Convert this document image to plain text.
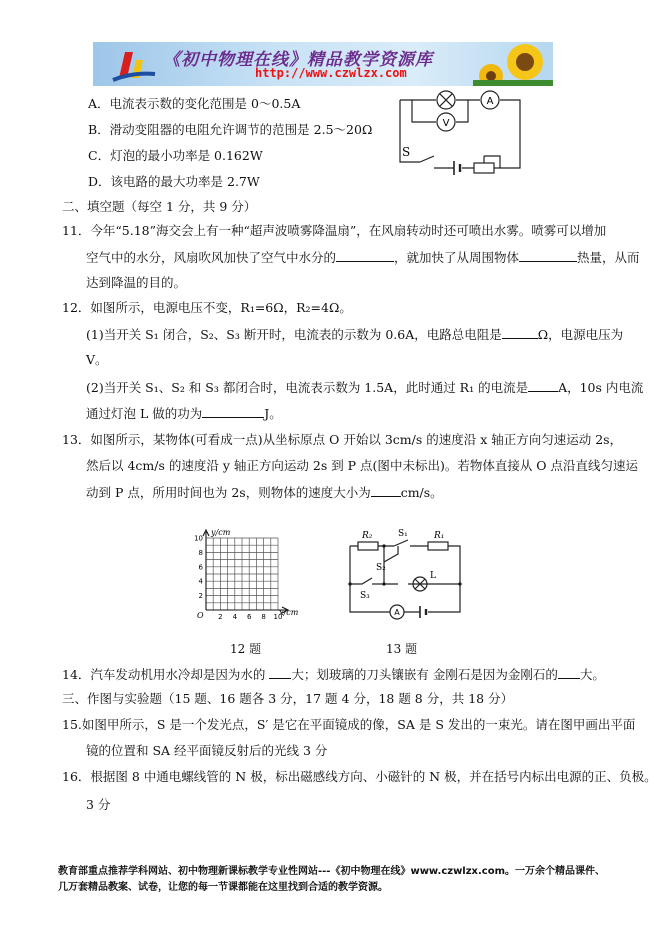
《初中物理在线》精品教学资源库
http://www.czwlzx.com
A．电流表示数的变化范围是 0～0.5A
B．滑动变阻器的电阻允许调节的范围是 2.5～20Ω
C．灯泡的最小功率是 0.162W
D．该电路的最大功率是 2.7W
A
V
S
二、填空题（每空 1 分，共 9 分）
11．今年“5.18”海交会上有一种“超声波喷雾降温扇”，在风扇转动时还可喷出水雾。喷雾可以增加
空气中的水分，风扇吹风加快了空气中水分的	，就加快了从周围物体	热量，从而
达到降温的目的。
12．如图所示，电源电压不变，R₁=6Ω，R₂=4Ω。
(1)当开关 S₁ 闭合，S₂、S₃ 断开时，电流表的示数为 0.6A，电路总电阻是	Ω，电源电压为
V。
(2)当开关 S₁、S₂ 和 S₃ 都闭合时，电流表示数为 1.5A，此时通过 R₁ 的电流是 A，10s 内电流
通过灯泡 L 做的功为	J。
13．如图所示，某物体(可看成一点)从坐标原点 O 开始以 3cm/s 的速度沿 x 轴正方向匀速运动 2s，
然后以 4cm/s 的速度沿 y 轴正方向运动 2s 到 P 点(图中未标出)。若物体直接从 O 点沿直线匀速运
动到 P 点，所用时间也为 2s，则物体的速度大小为 cm/s。
y/cm
x/cm
O
10
8
6
4
2
2 4 6 8 10
R₂	S₁	R₁
S₂
L
S₃
A
12 题	13 题
14．汽车发动机用水冷却是因为水的 大；划玻璃的刀头镶嵌有 金刚石是因为金刚石的 大。
三、作图与实验题（15 题、16 题各 3 分，17 题 4 分，18 题 8 分，共 18 分）
15.如图甲所示，S 是一个发光点，S′ 是它在平面镜成的像，SA 是 S 发出的一束光。请在图甲画出平面
镜的位置和 SA 经平面镜反射后的光线 3 分
16．根据图 8 中通电螺线管的 N 极，标出磁感线方向、小磁针的 N 极，并在括号内标出电源的正、负极。
3 分
教育部重点推荐学科网站、初中物理新课标教学专业性网站---《初中物理在线》www.czwlzx.com。一万余个精品课件、
几万套精品教案、试卷，让您的每一节课都能在这里找到合适的教学资源。
